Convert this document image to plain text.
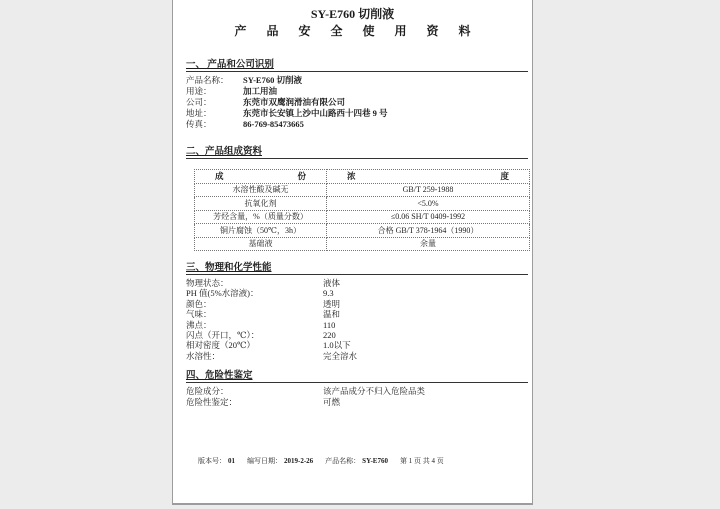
SY-E760 切削液
产品安全使用资料
一、 产品和公司识别
产品名称：	SY-E760 切削液
用途：	加工用油
公司：	东莞市双鹰润滑油有限公司
地址：	东莞市长安镇上沙中山路西十四巷 9 号
传真：	86-769-85473665
二、产品组成资料
成 份	浓 度

水溶性酸及碱无	GB/T 259-1988
抗氧化剂	<5.0%
芳烃含量，%（质量分数）	≤0.06 SH/T 0409-1992
铜片腐蚀（50℃，3h）	合格 GB/T 378-1964（1990）
基础液	余量
三、物理和化学性能
物理状态：	液体
PH 值(5%水溶液)：	9.3
颜色：	透明
气味：	温和
沸点：	110
闪点（开口，℃）：	220
相对密度（20℃）	1.0以下
水溶性：	完全溶水
四、危险性鉴定
危险成分：	该产品成分不归入危险品类
危险性鉴定：	可燃
版本号： 01 编写日期： 2019-2-26 产品名称： SY-E760 第 1 页 共 4 页
